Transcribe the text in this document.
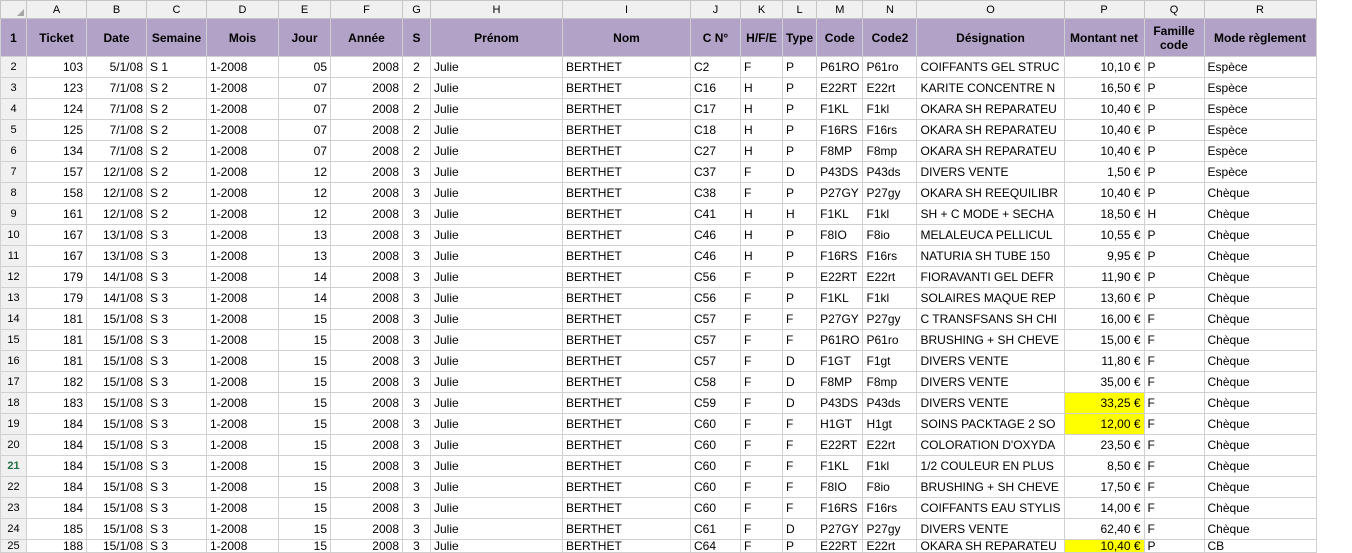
	A	B	C	D	E	F	G	H	I	J	K	L	M	N	O	P	Q	R
1	Ticket	Date	Semaine	Mois	Jour	Année	S	Prénom	Nom	C N°	H/F/E	Type	Code	Code2	Désignation	Montant net	Famille code	Mode règlement
2	103	5/1/08	S 1	1-2008	05	2008	2	Julie	BERTHET	C2	F	P	P61RO	P61ro	COIFFANTS GEL STRUC	10,10 €	P	Espèce
3	123	7/1/08	S 2	1-2008	07	2008	2	Julie	BERTHET	C16	H	P	E22RT	E22rt	KARITE CONCENTRE N	16,50 €	P	Espèce
4	124	7/1/08	S 2	1-2008	07	2008	2	Julie	BERTHET	C17	H	P	F1KL	F1kl	OKARA SH REPARATEU	10,40 €	P	Espèce
5	125	7/1/08	S 2	1-2008	07	2008	2	Julie	BERTHET	C18	H	P	F16RS	F16rs	OKARA SH REPARATEU	10,40 €	P	Espèce
6	134	7/1/08	S 2	1-2008	07	2008	2	Julie	BERTHET	C27	H	P	F8MP	F8mp	OKARA SH REPARATEU	10,40 €	P	Espèce
7	157	12/1/08	S 2	1-2008	12	2008	3	Julie	BERTHET	C37	F	D	P43DS	P43ds	DIVERS VENTE	1,50 €	P	Espèce
8	158	12/1/08	S 2	1-2008	12	2008	3	Julie	BERTHET	C38	F	P	P27GY	P27gy	OKARA SH REEQUILIBR	10,40 €	P	Chèque
9	161	12/1/08	S 2	1-2008	12	2008	3	Julie	BERTHET	C41	H	H	F1KL	F1kl	SH + C MODE + SECHA	18,50 €	H	Chèque
10	167	13/1/08	S 3	1-2008	13	2008	3	Julie	BERTHET	C46	H	P	F8IO	F8io	MELALEUCA PELLICUL	10,55 €	P	Chèque
11	167	13/1/08	S 3	1-2008	13	2008	3	Julie	BERTHET	C46	H	P	F16RS	F16rs	NATURIA SH TUBE 150	9,95 €	P	Chèque
12	179	14/1/08	S 3	1-2008	14	2008	3	Julie	BERTHET	C56	F	P	E22RT	E22rt	FIORAVANTI GEL DEFR	11,90 €	P	Chèque
13	179	14/1/08	S 3	1-2008	14	2008	3	Julie	BERTHET	C56	F	P	F1KL	F1kl	SOLAIRES MAQUE REP	13,60 €	P	Chèque
14	181	15/1/08	S 3	1-2008	15	2008	3	Julie	BERTHET	C57	F	F	P27GY	P27gy	C TRANSFSANS SH CHI	16,00 €	F	Chèque
15	181	15/1/08	S 3	1-2008	15	2008	3	Julie	BERTHET	C57	F	F	P61RO	P61ro	BRUSHING + SH CHEVE	15,00 €	F	Chèque
16	181	15/1/08	S 3	1-2008	15	2008	3	Julie	BERTHET	C57	F	D	F1GT	F1gt	DIVERS VENTE	11,80 €	F	Chèque
17	182	15/1/08	S 3	1-2008	15	2008	3	Julie	BERTHET	C58	F	D	F8MP	F8mp	DIVERS VENTE	35,00 €	F	Chèque
18	183	15/1/08	S 3	1-2008	15	2008	3	Julie	BERTHET	C59	F	D	P43DS	P43ds	DIVERS VENTE	33,25 €	F	Chèque
19	184	15/1/08	S 3	1-2008	15	2008	3	Julie	BERTHET	C60	F	F	H1GT	H1gt	SOINS PACKTAGE 2 SO	12,00 €	F	Chèque
20	184	15/1/08	S 3	1-2008	15	2008	3	Julie	BERTHET	C60	F	F	E22RT	E22rt	COLORATION D'OXYDA	23,50 €	F	Chèque
21	184	15/1/08	S 3	1-2008	15	2008	3	Julie	BERTHET	C60	F	F	F1KL	F1kl	1/2 COULEUR EN PLUS	8,50 €	F	Chèque
22	184	15/1/08	S 3	1-2008	15	2008	3	Julie	BERTHET	C60	F	F	F8IO	F8io	BRUSHING + SH CHEVE	17,50 €	F	Chèque
23	184	15/1/08	S 3	1-2008	15	2008	3	Julie	BERTHET	C60	F	F	F16RS	F16rs	COIFFANTS EAU STYLIS	14,00 €	F	Chèque
24	185	15/1/08	S 3	1-2008	15	2008	3	Julie	BERTHET	C61	F	D	P27GY	P27gy	DIVERS VENTE	62,40 €	F	Chèque
25	188	15/1/08	S 3	1-2008	15	2008	3	Julie	BERTHET	C64	F	P	E22RT	E22rt	OKARA SH REPARATEU	10,40 €	P	CB
